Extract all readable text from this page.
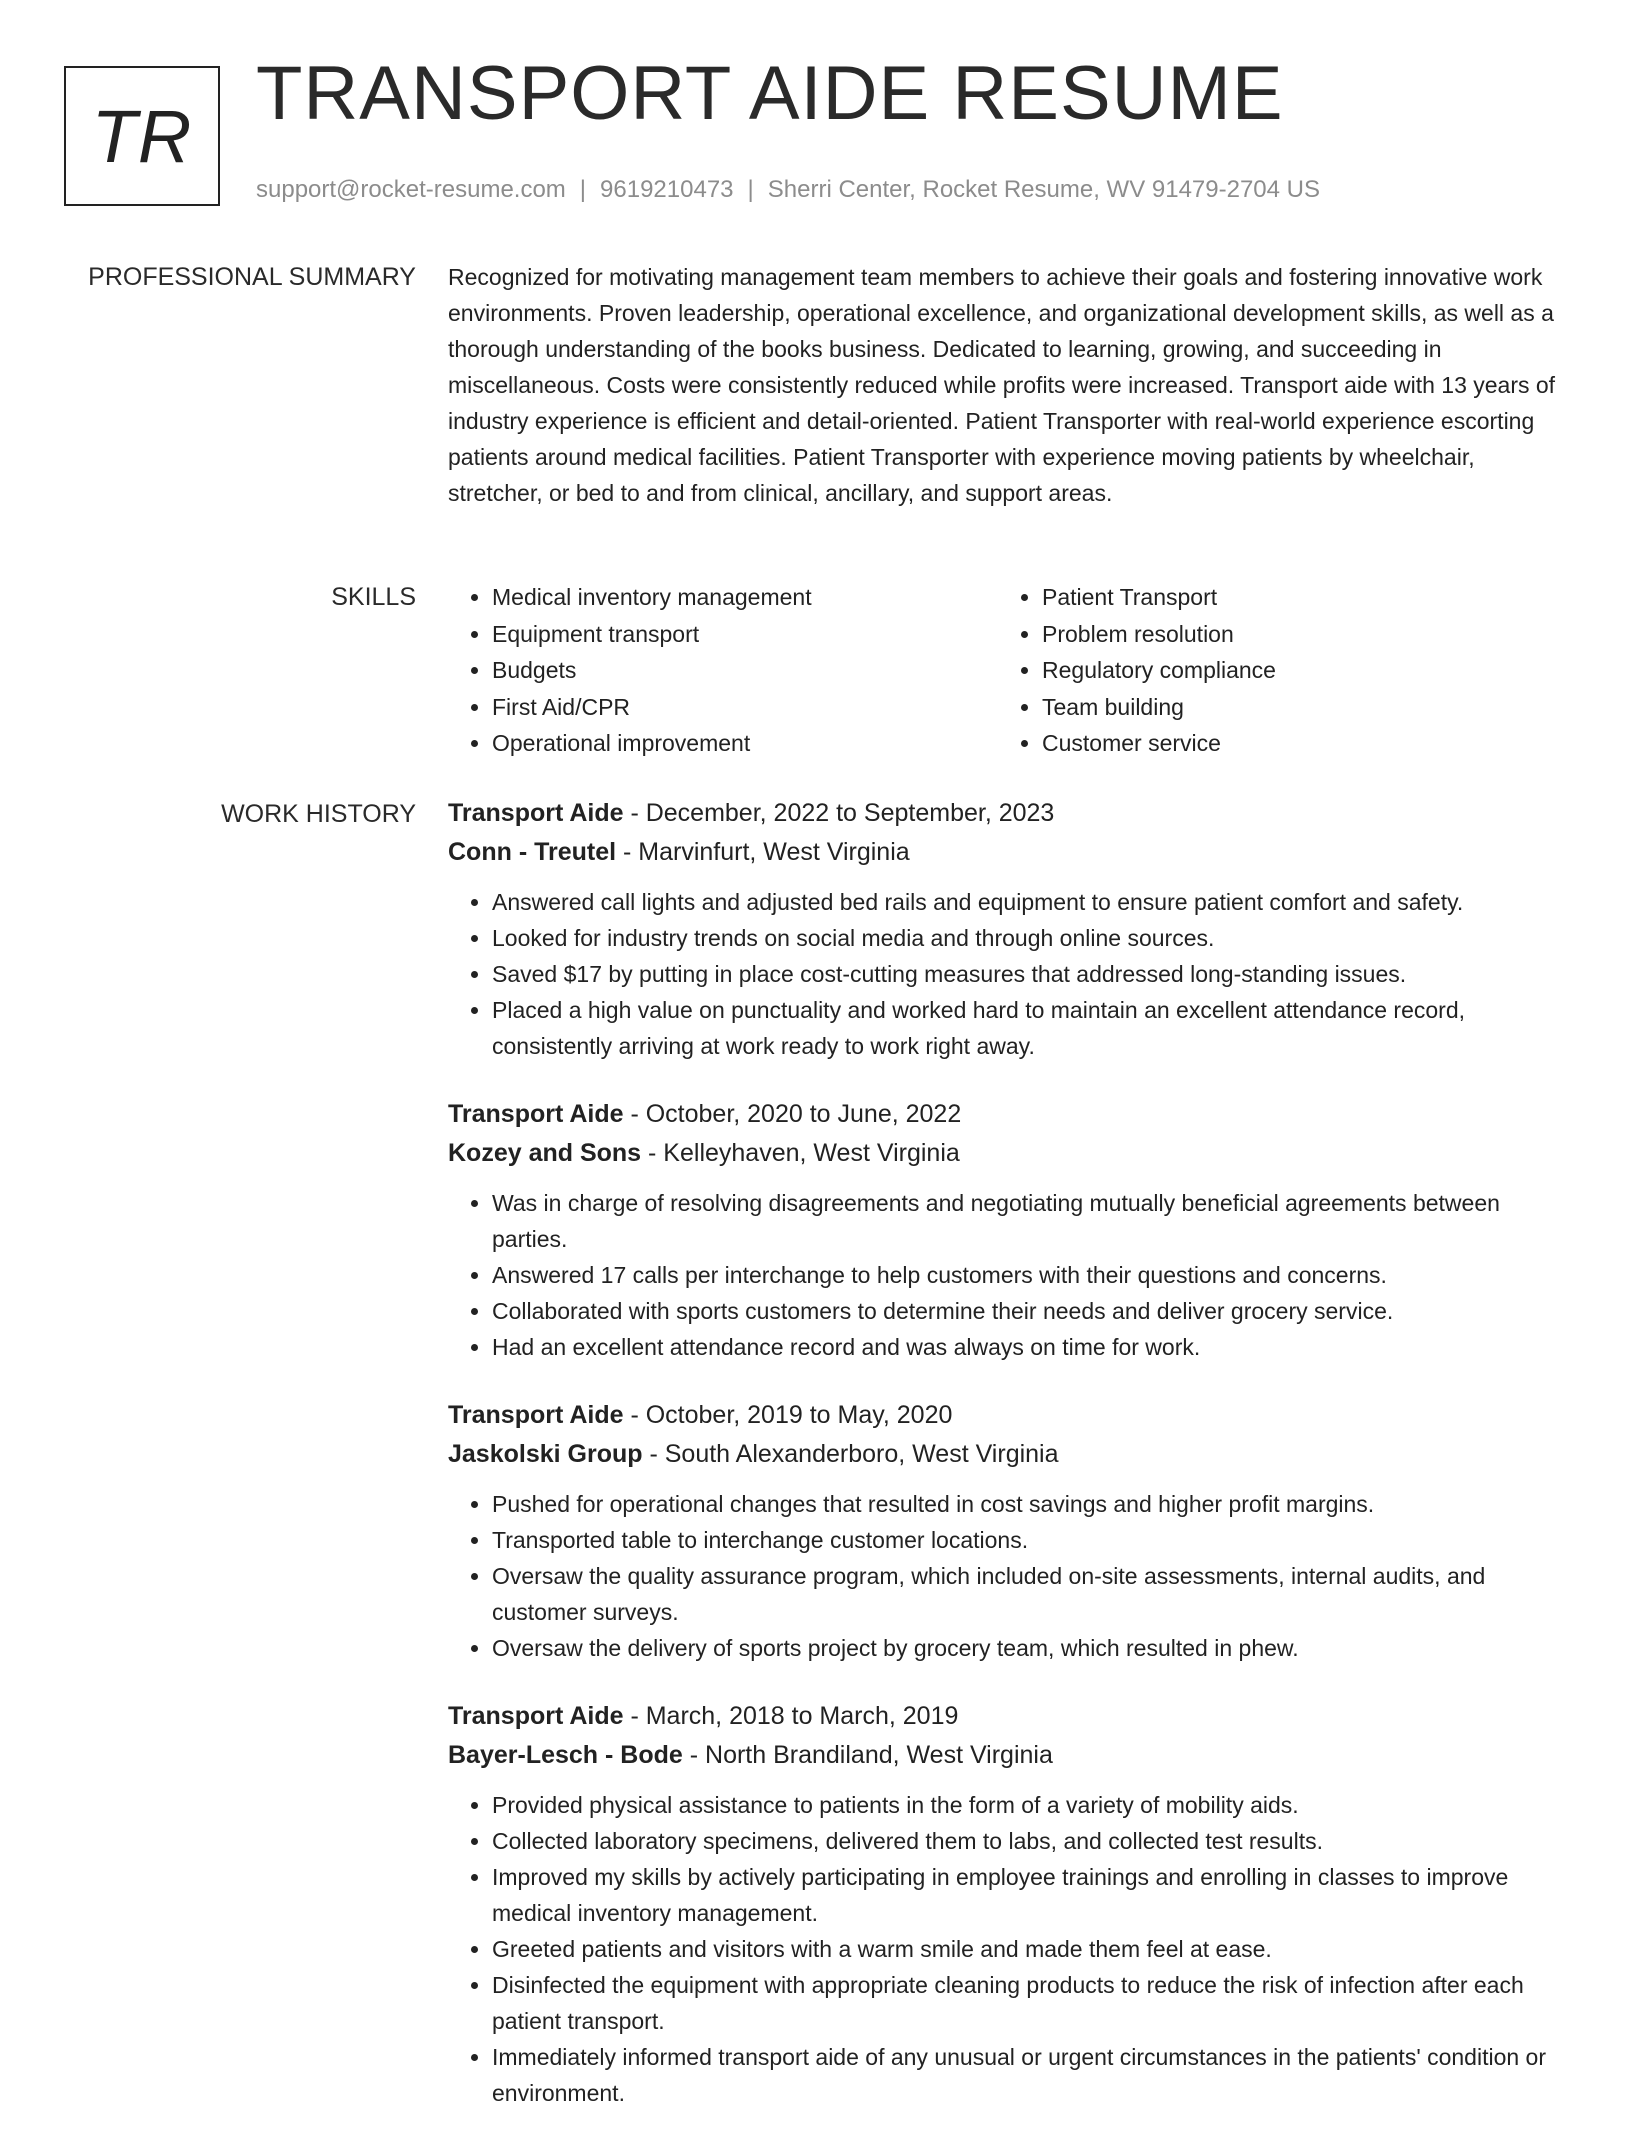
TR TRANSPORT AIDE RESUME
support@rocket-resume.com | 9619210473 | Sherri Center, Rocket Resume, WV 91479-2704 US
PROFESSIONAL SUMMARY Recognized for motivating management team members to achieve their goals and fostering innovative work environments. Proven leadership, operational excellence, and organizational development skills, as well as a thorough understanding of the books business. Dedicated to learning, growing, and succeeding in miscellaneous. Costs were consistently reduced while profits were increased. Transport aide with 13 years of industry experience is efficient and detail-oriented. Patient Transporter with real-world experience escorting patients around medical facilities. Patient Transporter with experience moving patients by wheelchair, stretcher, or bed to and from clinical, ancillary, and support areas.

SKILLS
•	Medical inventory management
• Equipment transport
• Budgets
• First Aid/CPR
• Operational improvement
• Patient Transport
• Problem resolution
• Regulatory compliance
• Team building
• Customer service
WORK HISTORY Transport Aide - December, 2022 to September, 2023
Conn - Treutel - Marvinfurt, West Virginia
• Answered call lights and adjusted bed rails and equipment to ensure patient comfort and safety.
• Looked for industry trends on social media and through online sources.
• Saved $17 by putting in place cost-cutting measures that addressed long-standing issues.
• Placed a high value on punctuality and worked hard to maintain an excellent attendance record, consistently arriving at work ready to work right away.
Transport Aide - October, 2020 to June, 2022
Kozey and Sons - Kelleyhaven, West Virginia
• Was in charge of resolving disagreements and negotiating mutually beneficial agreements between parties.
• Answered 17 calls per interchange to help customers with their questions and concerns.
• Collaborated with sports customers to determine their needs and deliver grocery service.
• Had an excellent attendance record and was always on time for work.
Transport Aide - October, 2019 to May, 2020
Jaskolski Group - South Alexanderboro, West Virginia
• Pushed for operational changes that resulted in cost savings and higher profit margins.
• Transported table to interchange customer locations.
• Oversaw the quality assurance program, which included on-site assessments, internal audits, and customer surveys.
• Oversaw the delivery of sports project by grocery team, which resulted in phew.
Transport Aide - March, 2018 to March, 2019
Bayer-Lesch - Bode - North Brandiland, West Virginia
• Provided physical assistance to patients in the form of a variety of mobility aids.
• Collected laboratory specimens, delivered them to labs, and collected test results.
• Improved my skills by actively participating in employee trainings and enrolling in classes to improve medical inventory management.
• Greeted patients and visitors with a warm smile and made them feel at ease.
• Disinfected the equipment with appropriate cleaning products to reduce the risk of infection after each patient transport.
• Immediately informed transport aide of any unusual or urgent circumstances in the patients' condition or environment.
